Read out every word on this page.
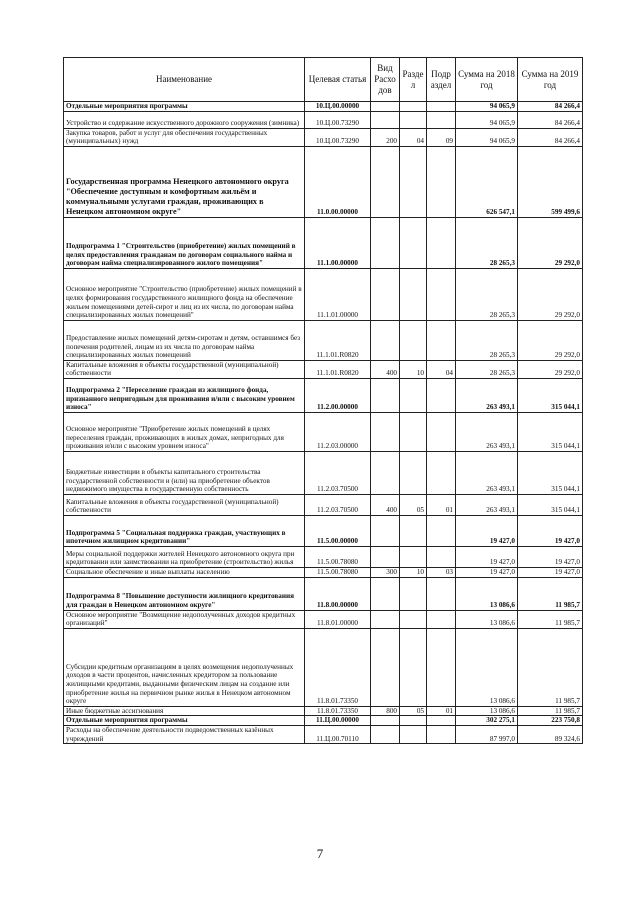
Наименование	Целевая статья	Вид Расхо дов	Разде л	Подр аздел	Сумма на 2018 год	Сумма на 2019 год
Отдельные мероприятия программы	10.Ц.00.00000				94 065,9	84 266,4
Устройство и содержание искусственного дорожного сооружения (зимника)	10.Ц.00.73290				94 065,9	84 266,4
Закупка товаров, работ и услуг для обеспечения государственных (муниципальных) нужд	10.Ц.00.73290	200	04	09	94 065,9	84 266,4
Государственная программа Ненецкого автономного округа "Обеспечение доступным и комфортным жильём и коммунальными услугами граждан, проживающих в Ненецком автономном округе"	11.0.00.00000				626 547,1	599 499,6
Подпрограмма 1 "Строительство (приобретение) жилых помещений в целях предоставления гражданам по договорам социального найма и договорам найма специализированного жилого помещения"	11.1.00.00000				28 265,3	29 292,0
Основное мероприятие "Строительство (приобретение) жилых помещений в целях формирования государственного жилищного фонда на обеспечение жильем помещениями детей-сирот и лиц из их числа, по договорам найма специализированных жилых помещений"	11.1.01.00000				28 265,3	29 292,0
Предоставление жилых помещений детям-сиротам и детям, оставшимся без попечения родителей, лицам из их числа по договорам найма специализированных жилых помещений	11.1.01.R0820				28 265,3	29 292,0
Капитальные вложения в объекты государственной (муниципальной) собственности	11.1.01.R0820	400	10	04	28 265,3	29 292,0
Подпрограмма 2 "Переселение граждан из жилищного фонда, признанного непригодным для проживания и/или с высоким уровнем износа"	11.2.00.00000				263 493,1	315 044,1
Основное мероприятие "Приобретение жилых помещений в целях переселения граждан, проживающих в жилых домах, непригодных для проживания и/или с высоким уровнем износа"	11.2.03.00000				263 493,1	315 044,1
Бюджетные инвестиции в объекты капитального строительства государственной собственности и (или) на приобретение объектов недвижимого имущества в государственную собственность	11.2.03.70500				263 493,1	315 044,1
Капитальные вложения в объекты государственной (муниципальной) собственности	11.2.03.70500	400	05	01	263 493,1	315 044,1
Подпрограмма 5 "Социальная поддержка граждан, участвующих в ипотечном жилищном кредитовании"	11.5.00.00000				19 427,0	19 427,0
Меры социальной поддержки жителей Ненецкого автономного округа при кредитовании или заимствовании на приобретение (строительство) жилья	11.5.00.78080				19 427,0	19 427,0
Социальное обеспечение и иные выплаты населению	11.5.00.78080	300	10	03	19 427,0	19 427,0
Подпрограмма 8 "Повышение доступности жилищного кредитования для граждан в Ненецком автономном округе"	11.8.00.00000				13 086,6	11 985,7
Основное мероприятие "Возмещение недополученных доходов кредитных организаций"	11.8.01.00000				13 086,6	11 985,7
Субсидии кредитным организациям в целях возмещения недополученных доходов в части процентов, начисленных кредитором за пользование жилищными кредитами, выданными физическим лицам на создание или приобретение жилья на первичном рынке жилья в Ненецком автономном округе	11.8.01.73350				13 086,6	11 985,7
Иные бюджетные ассигнования	11.8.01.73350	800	05	01	13 086,6	11 985,7
Отдельные мероприятия программы	11.Ц.00.00000				302 275,1	223 750,8
Расходы на обеспечение деятельности подведомственных казённых учреждений	11.Ц.00.70110				87 997,0	89 324,6
7
